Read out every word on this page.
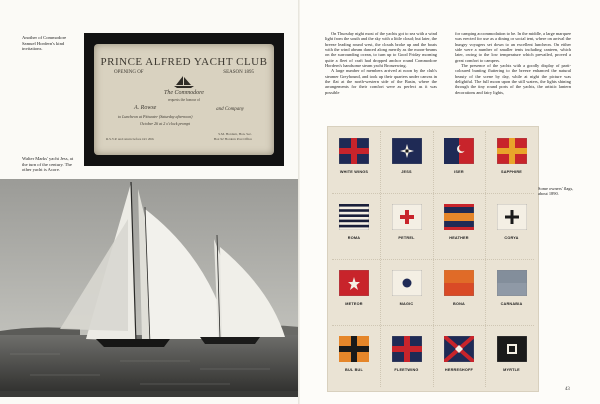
Another of Commodore Samuel Hordern's kind invitations.
PRINCE ALFRED YACHT CLUB
OPENING OF	SEASON 1895
The Commodore
requests the honour of
A. Rowse	and Company
to Luncheon at Pittwater (Saturday afternoon)
October 26 at 2 o'clock prompt
R.S.V.P. and return before Oct 20th
S.M. Hordern, Hon. Sec.
Box 92 Hordern Post Office
Walter Marks' yacht Jess, at the turn of the century. The other yacht is Acore.

On Thursday night most of the yachts got to sea with a wind light from the south and the sky with a little cloud; but later, the breeze leading round west, the clouds broke up and the boats with the wind abeam danced along merrily as the moon-beams on the surrounding ocean, to turn up to Good Friday morning quite a fleet of craft had dropped anchor round Commodore Hordern's handsome steam yacht Bronzewing.

A large number of members arrived at noon by the club's steamer Greyhound, and took up their quarters under canvas in the flat at the north-western side of the Basin, where the arrangements for their comfort were as perfect as it was possible

for camping accommodation to be. In the middle, a large marquee was erected for use as a dining or social tent, where on arrival the hungry voyagers set down to an excellent luncheon. On either side were a number of smaller tents including canteen, which later, owing to the low temperature which prevailed, proved a great comfort to campers.

The presence of the yachts with a goodly display of parti-coloured bunting fluttering to the breeze enhanced the natural beauty of the scene by day, while at night the picture was delightful. The full moon upon the still waters, the lights shining through the tiny round ports of the yachts, the artistic lantern decorations and fairy lights,

WHITE WINGS	JESS	ISER	SAPPHIRE
ROMA	PETREL	HEATHER	CORYA
METEOR	MAGIC	BONA	CARNABIA
BUL BUL	FLEETWING	HERRESHOFF	MYRTLE
Some owners' flags, about 1890.
43
